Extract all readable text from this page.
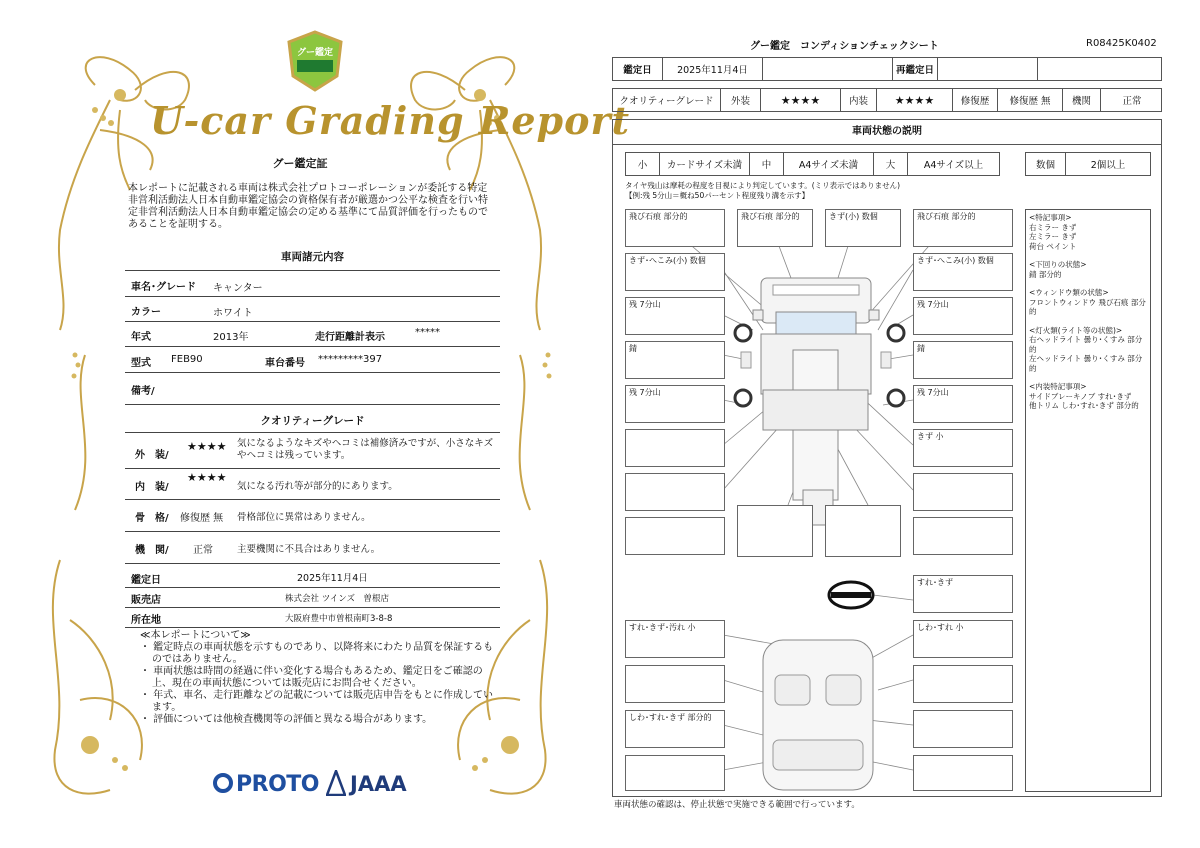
グー鑑定
U-car Grading Report
グー鑑定証
本レポートに記載される車両は株式会社プロトコーポレーションが委託する特定非営利活動法人日本自動車鑑定協会の資格保有者が厳選かつ公平な検査を行い特定非営利活動法人日本自動車鑑定協会の定める基準にて品質評価を行ったものであることを証明する。
車両諸元内容
車名･グレード キャンター
カラー	ホワイト
年式	2013年	走行距離計表示	*****
型式 FEB90	車台番号 *********397
備考/
クオリティーグレード
外　装/
★★★★ 気になるようなキズやヘコミは補修済みですが、小さなキズやヘコミは残っています。
内　装/
★★★★
気になる汚れ等が部分的にあります。
骨　格/ 修復歴 無 骨格部位に異常はありません。
機　関/ 正常	主要機関に不具合はありません。
鑑定日	2025年11月4日
販売店	株式会社 ツインズ　曽根店
所在地	大阪府豊中市曽根南町3-8-8
≪本レポートについて≫
・ 鑑定時点の車両状態を示すものであり、以降将来にわたり品質を保証するものではありません。
・ 車両状態は時間の経過に伴い変化する場合もあるため、鑑定日をご確認の上、現在の車両状態については販売店にお問合せください。
・ 年式、車名、走行距離などの記載については販売店申告をもとに作成しています。
・ 評価については他検査機関等の評価と異なる場合があります。
PROTO JAAA
グー鑑定　コンディションチェックシート	R08425K0402
鑑定日	2025年11月4日	再鑑定日
クオリティーグレード	外装	★★★★	内装	★★★★	修復歴	修復歴 無	機関	正常
車両状態の説明
小	カードサイズ未満	中	A4サイズ未満	大	A4サイズ以上	数個	2個以上
タイヤ残山は摩耗の程度を目視により判定しています。(ミリ表示ではありません)
【例:残 5分山＝概ね50パーセント程度残り溝を示す】
飛び石痕 部分的	飛び石痕 部分的	きず(小) 数個	飛び石痕 部分的
きず･へこみ(小) 数個	きず･へこみ(小) 数個
残 7分山	残 7分山
錆	錆
残 7分山	残 7分山
きず 小
すれ･きず
すれ･きず･汚れ 小	しわ･すれ 小
しわ･すれ･きず 部分的
<特記事項>
右ミラー きず
左ミラー きず
荷台 ペイント
<下回りの状態>
錆 部分的
<ウィンドウ類の状態>
フロントウィンドウ 飛び石痕 部分的
<灯火類(ライト等の状態)>
右ヘッドライト 曇り･くすみ 部分的
左ヘッドライト 曇り･くすみ 部分的
<内装特記事項>
サイドブレーキノブ すれ･きず
他トリム しわ･すれ･きず 部分的
車両状態の確認は、停止状態で実施できる範囲で行っています。
